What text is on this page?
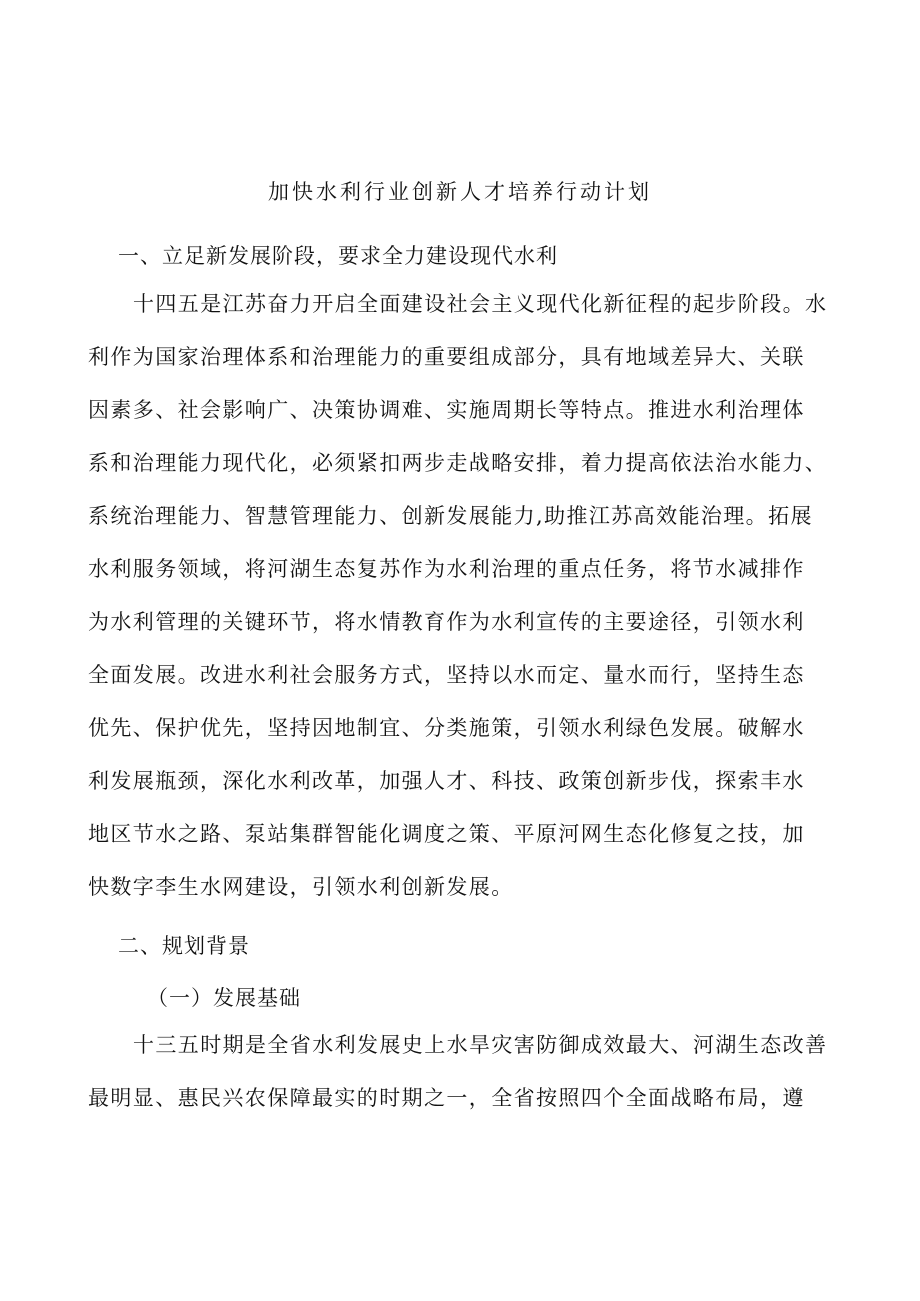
加快水利行业创新人才培养行动计划
一、立足新发展阶段，要求全力建设现代水利
十四五是江苏奋力开启全面建设社会主义现代化新征程的起步阶段。水
利作为国家治理体系和治理能力的重要组成部分，具有地域差异大、关联
因素多、社会影响广、决策协调难、实施周期长等特点。推进水利治理体
系和治理能力现代化，必须紧扣两步走战略安排，着力提高依法治水能力、
系统治理能力、智慧管理能力、创新发展能力,助推江苏高效能治理。拓展
水利服务领域，将河湖生态复苏作为水利治理的重点任务，将节水减排作
为水利管理的关键环节，将水情教育作为水利宣传的主要途径，引领水利
全面发展。改进水利社会服务方式，坚持以水而定、量水而行，坚持生态
优先、保护优先，坚持因地制宜、分类施策，引领水利绿色发展。破解水
利发展瓶颈，深化水利改革，加强人才、科技、政策创新步伐，探索丰水
地区节水之路、泵站集群智能化调度之策、平原河网生态化修复之技，加
快数字李生水网建设，引领水利创新发展。
二、规划背景
（一）发展基础
十三五时期是全省水利发展史上水旱灾害防御成效最大、河湖生态改善
最明显、惠民兴农保障最实的时期之一，全省按照四个全面战略布局，遵
